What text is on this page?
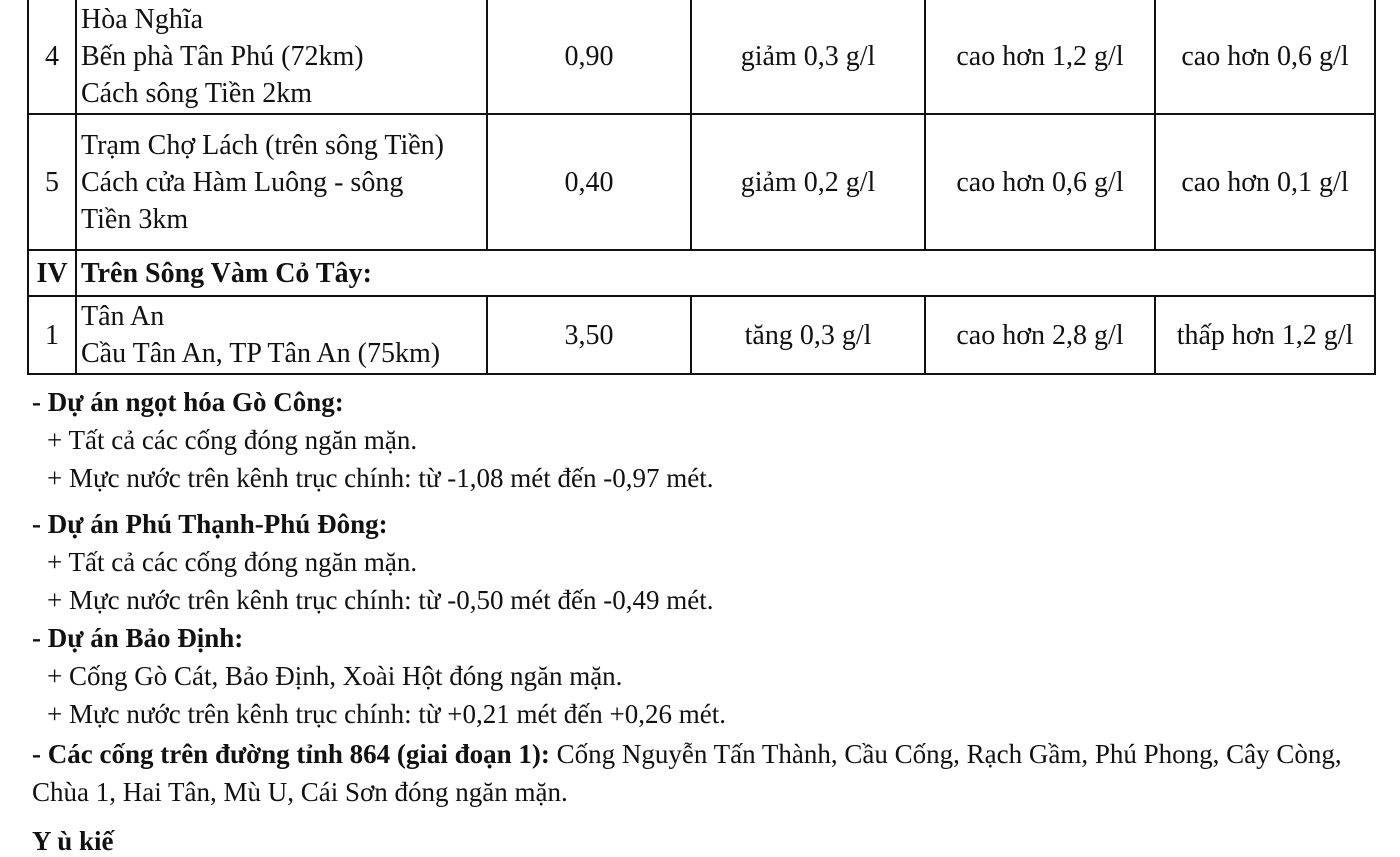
4	Hòa Nghĩa
Bến phà Tân Phú (72km)
Cách sông Tiền 2km	0,90	giảm 0,3 g/l	cao hơn 1,2 g/l	cao hơn 0,6 g/l
5	Trạm Chợ Lách (trên sông Tiền)
Cách cửa Hàm Luông - sông
Tiền 3km	0,40	giảm 0,2 g/l	cao hơn 0,6 g/l	cao hơn 0,1 g/l
IV	Trên Sông Vàm Cỏ Tây:				
1	Tân An
Cầu Tân An, TP Tân An (75km)	3,50	tăng 0,3 g/l	cao hơn 2,8 g/l	thấp hơn 1,2 g/l
- Dự án ngọt hóa Gò Công:
+ Tất cả các cống đóng ngăn mặn.
+ Mực nước trên kênh trục chính: từ -1,08 mét đến -0,97 mét.
- Dự án Phú Thạnh-Phú Đông:
+ Tất cả các cống đóng ngăn mặn.
+ Mực nước trên kênh trục chính: từ -0,50 mét đến -0,49 mét.
- Dự án Bảo Định:
+ Cống Gò Cát, Bảo Định, Xoài Hột đóng ngăn mặn.
+ Mực nước trên kênh trục chính: từ +0,21 mét đến +0,26 mét.
- Các cống trên đường tỉnh 864 (giai đoạn 1): Cống Nguyễn Tấn Thành, Cầu Cống, Rạch Gầm, Phú Phong, Cây Còng, Chùa 1, Hai Tân, Mù U, Cái Sơn đóng ngăn mặn.
Y ù kiế
